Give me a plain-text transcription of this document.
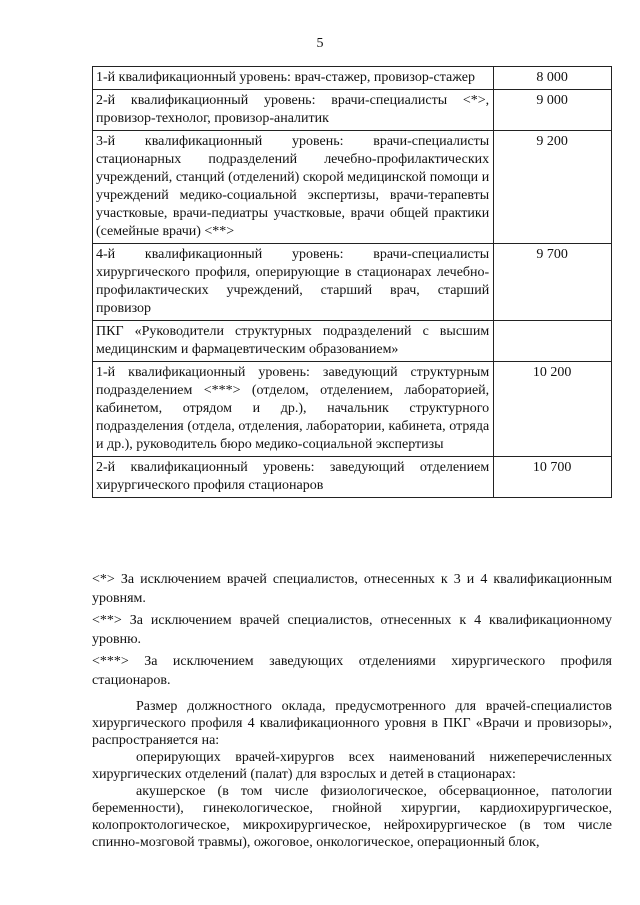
5
1-й квалификационный уровень: врач-стажер, провизор-стажер	8 000
2-й квалификационный уровень: врачи-специалисты <*>, провизор-технолог, провизор-аналитик	9 000
3-й квалификационный уровень: врачи-специалисты стационарных подразделений лечебно-профилактических учреждений, станций (отделений) скорой медицинской помощи и учреждений медико-социальной экспертизы, врачи-терапевты участковые, врачи-педиатры участковые, врачи общей практики (семейные врачи) <**>	9 200
4-й квалификационный уровень: врачи-специалисты хирургического профиля, оперирующие в стационарах лечебно-профилактических учреждений, старший врач, старший провизор	9 700
ПКГ «Руководители структурных подразделений с высшим медицинским и фармацевтическим образованием»	
1-й квалификационный уровень: заведующий структурным подразделением <***> (отделом, отделением, лабораторией, кабинетом, отрядом и др.), начальник структурного подразделения (отдела, отделения, лаборатории, кабинета, отряда и др.), руководитель бюро медико-социальной экспертизы	10 200
2-й квалификационный уровень: заведующий отделением хирургического профиля стационаров	10 700

<*> За исключением врачей специалистов, отнесенных к 3 и 4 квалификационным уровням.

<**> За исключением врачей специалистов, отнесенных к 4 квалификационному уровню.

<***> За исключением заведующих отделениями хирургического профиля стационаров.

Размер должностного оклада, предусмотренного для врачей-специалистов хирургического профиля 4 квалификационного уровня в ПКГ «Врачи и провизоры», распространяется на:

оперирующих врачей-хирургов всех наименований нижеперечисленных хирургических отделений (палат) для взрослых и детей в стационарах:

акушерское (в том числе физиологическое, обсервационное, патологии беременности), гинекологическое, гнойной хирургии, кардиохирургическое, колопроктологическое, микрохирургическое, нейрохирургическое (в том числе спинно-мозговой травмы), ожоговое, онкологическое, операционный блок,
